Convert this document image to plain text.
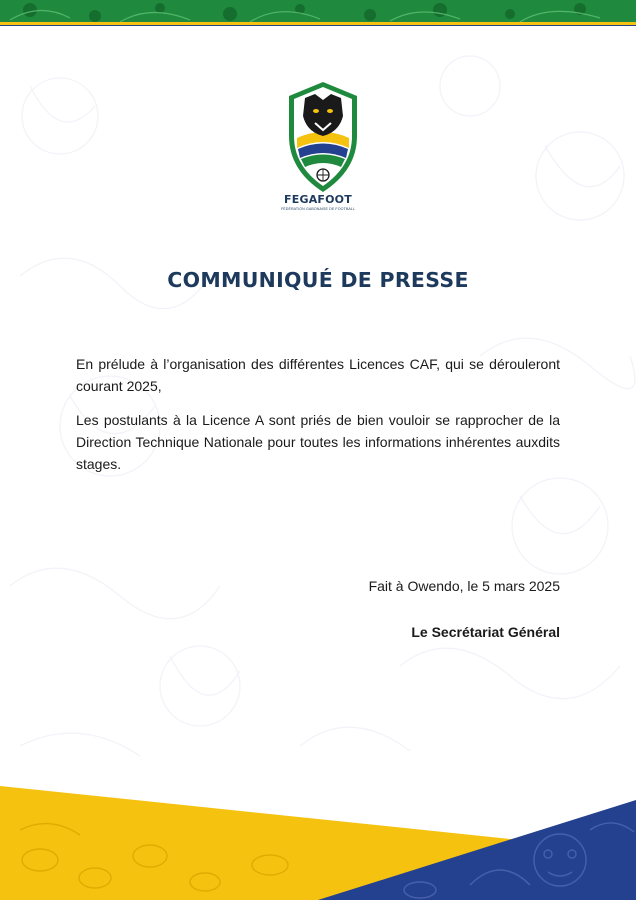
FEGAFOOT
FÉDÉRATION GABONAISE DE FOOTBALL
COMMUNIQUÉ DE PRESSE

En prélude à l’organisation des différentes Licences CAF, qui se dérouleront courant 2025,

Les postulants à la Licence A sont priés de bien vouloir se rapprocher de la Direction Technique Nationale pour toutes les informations inhérentes auxdits stages.

Fait à Owendo, le 5 mars 2025
Le Secrétariat Général
